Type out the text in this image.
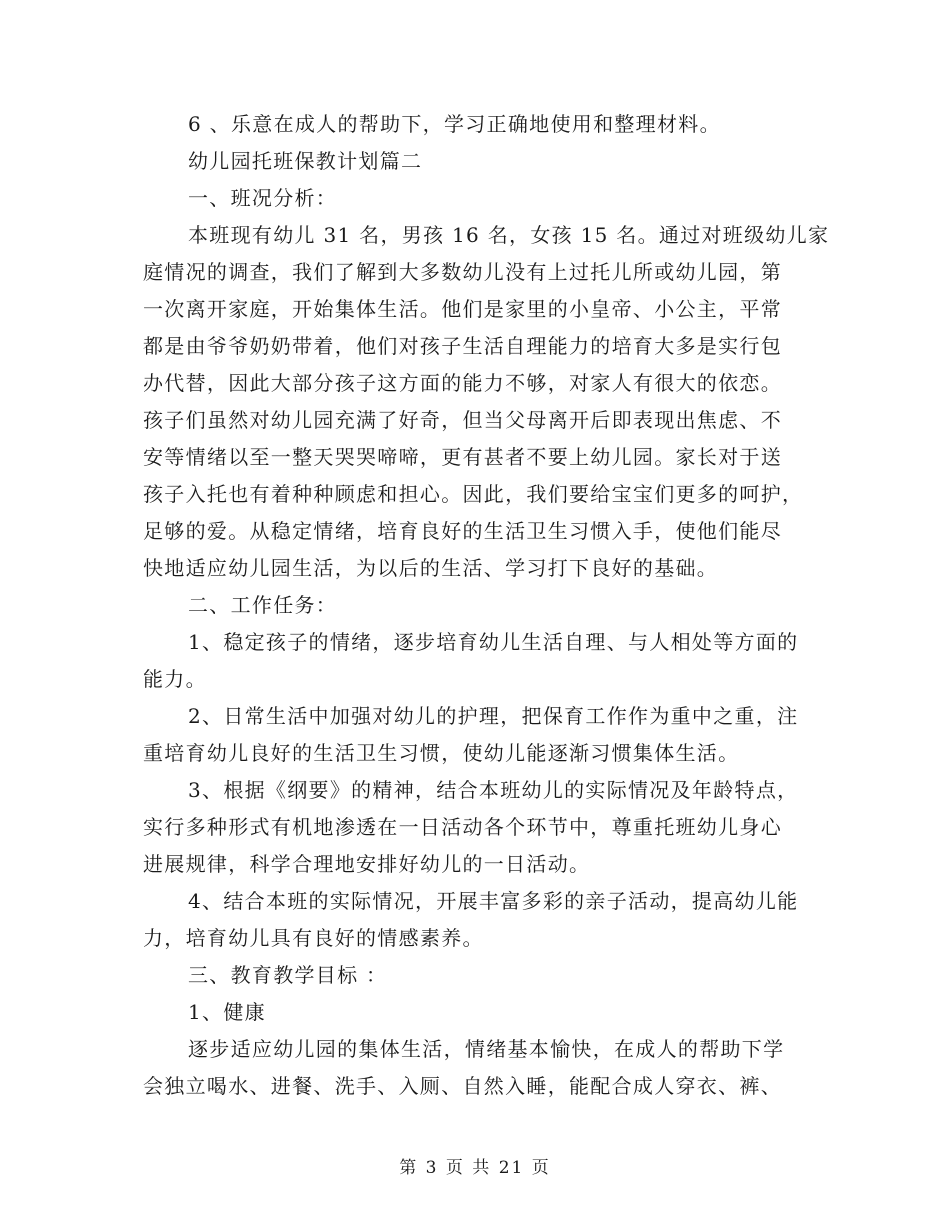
6 、乐意在成人的帮助下，学习正确地使用和整理材料。
幼儿园托班保教计划篇二
一、班况分析：
本班现有幼儿 31 名，男孩 16 名，女孩 15 名。通过对班级幼儿家
庭情况的调查，我们了解到大多数幼儿没有上过托儿所或幼儿园，第
一次离开家庭，开始集体生活。他们是家里的小皇帝、小公主，平常
都是由爷爷奶奶带着，他们对孩子生活自理能力的培育大多是实行包
办代替，因此大部分孩子这方面的能力不够，对家人有很大的依恋。
孩子们虽然对幼儿园充满了好奇，但当父母离开后即表现出焦虑、不
安等情绪以至一整天哭哭啼啼，更有甚者不要上幼儿园。家长对于送
孩子入托也有着种种顾虑和担心。因此，我们要给宝宝们更多的呵护，
足够的爱。从稳定情绪，培育良好的生活卫生习惯入手，使他们能尽
快地适应幼儿园生活，为以后的生活、学习打下良好的基础。
二、工作任务：
1、稳定孩子的情绪，逐步培育幼儿生活自理、与人相处等方面的
能力。
2、日常生活中加强对幼儿的护理，把保育工作作为重中之重，注
重培育幼儿良好的生活卫生习惯，使幼儿能逐渐习惯集体生活。
3、根据《纲要》的精神，结合本班幼儿的实际情况及年龄特点，
实行多种形式有机地渗透在一日活动各个环节中，尊重托班幼儿身心
进展规律，科学合理地安排好幼儿的一日活动。
4、结合本班的实际情况，开展丰富多彩的亲子活动，提高幼儿能
力，培育幼儿具有良好的情感素养。
三、教育教学目标 ：
1、健康
逐步适应幼儿园的集体生活，情绪基本愉快，在成人的帮助下学
会独立喝水、进餐、洗手、入厕、自然入睡，能配合成人穿衣、裤、
第 3 页 共 21 页
